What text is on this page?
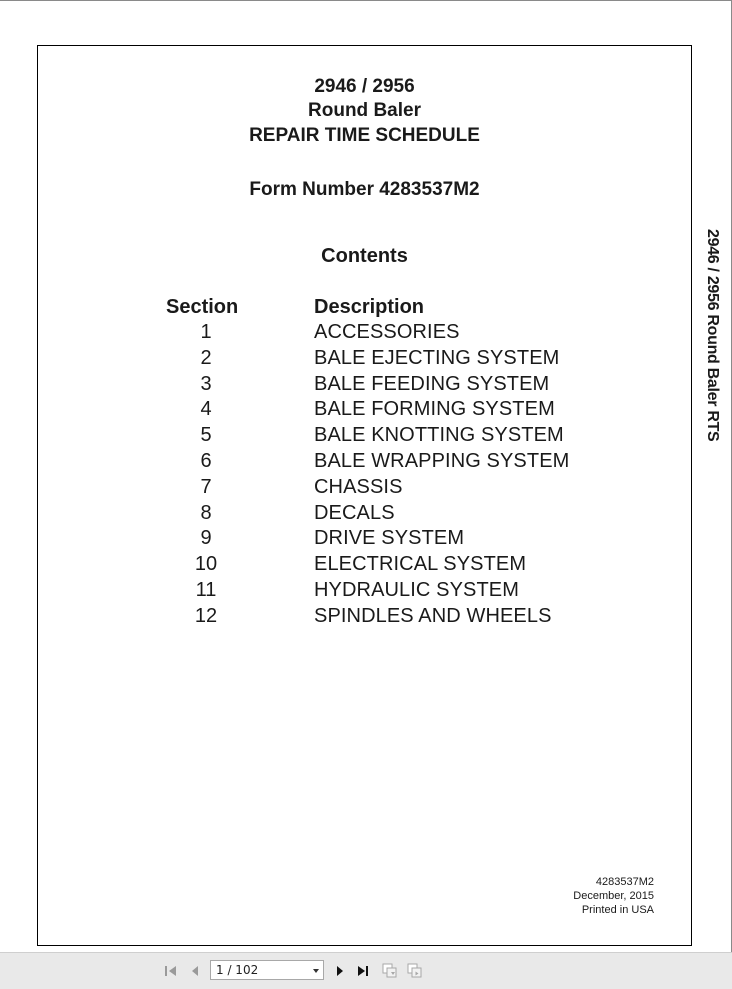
2946 / 2956
Round Baler
REPAIR TIME SCHEDULE
Form Number 4283537M2
Contents
Section	Description
1	ACCESSORIES
2	BALE EJECTING SYSTEM
3	BALE FEEDING SYSTEM
4	BALE FORMING SYSTEM
5	BALE KNOTTING SYSTEM
6	BALE WRAPPING SYSTEM
7	CHASSIS
8	DECALS
9	DRIVE SYSTEM
10	ELECTRICAL SYSTEM
11	HYDRAULIC SYSTEM
12	SPINDLES AND WHEELS
4283537M2
December, 2015
Printed in USA
2946 / 2956 Round Baler RTS
1 / 102
